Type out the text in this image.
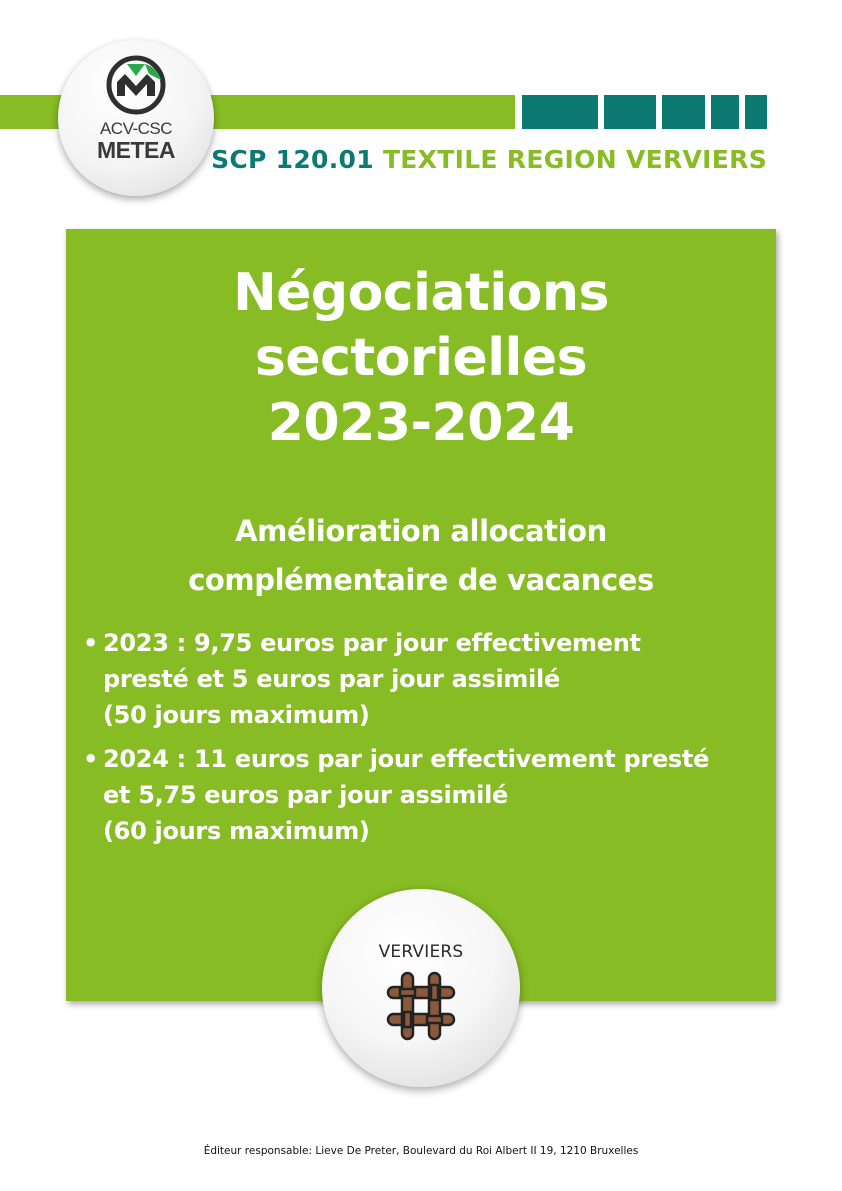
ACV-CSC
METEA	SCP 120.01 TEXTILE REGION VERVIERS
Négociations
sectorielles
2023-2024
Amélioration allocation
complémentaire de vacances
• 2023 : 9,75 euros par jour effectivement
presté et 5 euros par jour assimilé
(50 jours maximum)
• 2024 : 11 euros par jour effectivement presté
et 5,75 euros par jour assimilé
(60 jours maximum)
VERVIERS
Éditeur responsable: Lieve De Preter, Boulevard du Roi Albert II 19, 1210 Bruxelles
